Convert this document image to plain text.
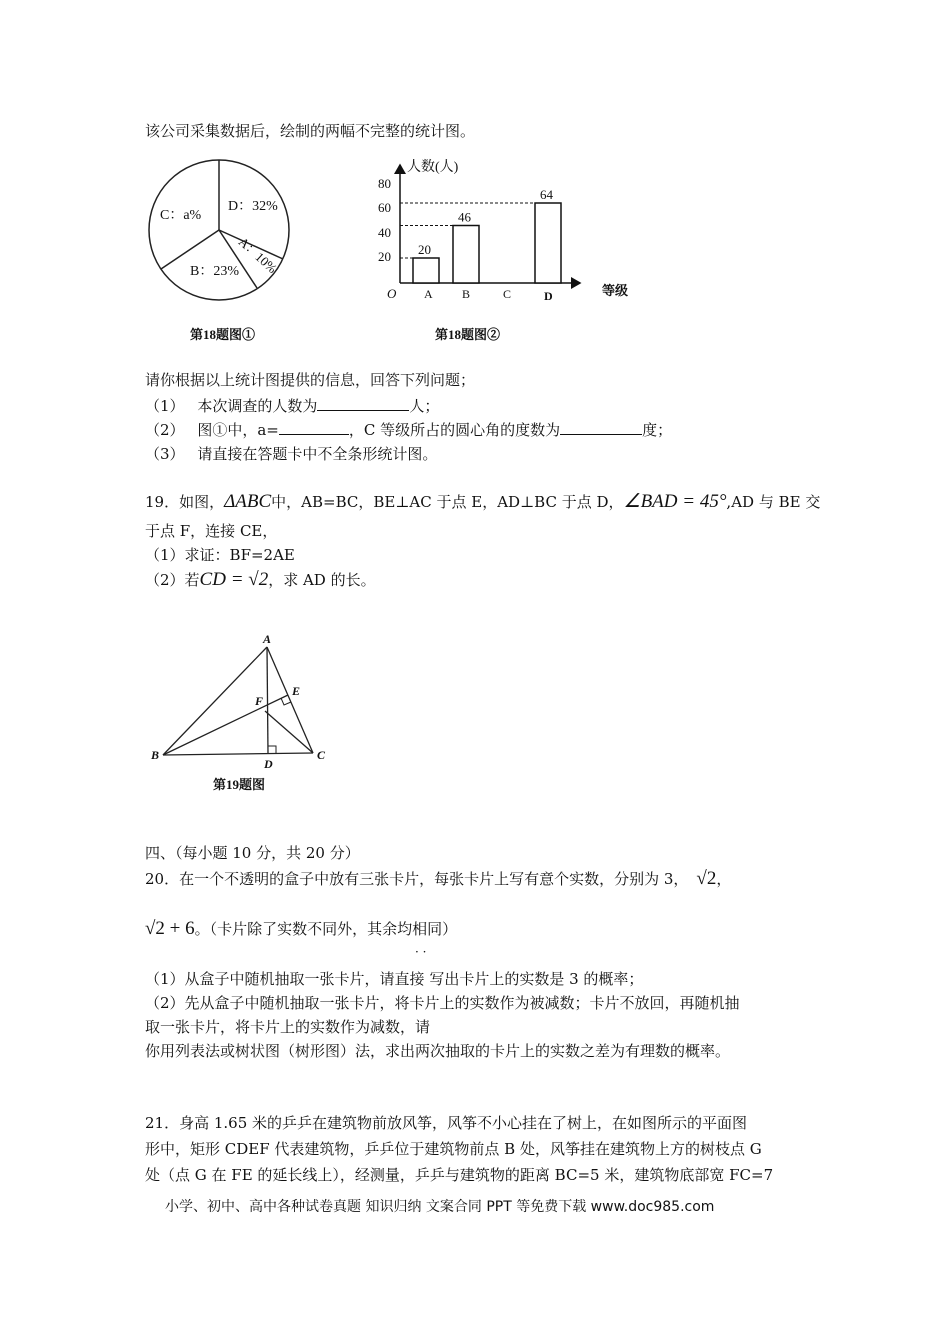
该公司采集数据后，绘制的两幅不完整的统计图。
C：a%
D：32%
B：23%
A：10%
第18题图①
人数(人)
等级
O
20
40
60
80
20
46
64
A B	C	D
第18题图②
请你根据以上统计图提供的信息，回答下列问题；
（1） 本次调查的人数为	人；
（2） 图①中，a=	，C 等级所占的圆心角的度数为	度；
（3） 请直接在答题卡中不全条形统计图。
19．如图，ΔABC中，AB=BC，BE⊥AC 于点 E，AD⊥BC 于点 D，∠BAD = 45°,AD 与 BE 交
于点 F，连接 CE，
（1）求证：BF=2AE
（2）若CD = √2，求 AD 的长。
A
B	C
D
E
F
第19题图
四、（每小题 10 分，共 20 分）
20．在一个不透明的盒子中放有三张卡片，每张卡片上写有意个实数，分别为 3， √2，
√2 + 6。（卡片除了实数不同外，其余均相同）
· ·
（1）从盒子中随机抽取一张卡片，请直接 写出卡片上的实数是 3 的概率；
（2）先从盒子中随机抽取一张卡片，将卡片上的实数作为被减数；卡片不放回，再随机抽
取一张卡片，将卡片上的实数作为减数，请
你用列表法或树状图（树形图）法，求出两次抽取的卡片上的实数之差为有理数的概率。
21．身高 1.65 米的乒乒在建筑物前放风筝，风筝不小心挂在了树上，在如图所示的平面图
形中，矩形 CDEF 代表建筑物，乒乒位于建筑物前点 B 处，风筝挂在建筑物上方的树枝点 G
处（点 G 在 FE 的延长线上），经测量，乒乒与建筑物的距离 BC=5 米，建筑物底部宽 FC=7
小学、初中、高中各种试卷真题 知识归纳 文案合同 PPT 等免费下载 www.doc985.com
